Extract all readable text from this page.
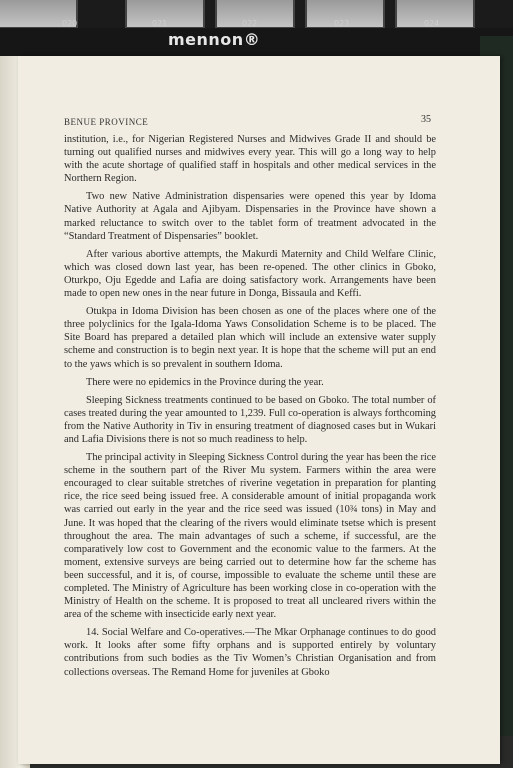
020	021	022	023	024
mennon®
BENUE PROVINCE	35

institution, i.e., for Nigerian Registered Nurses and Midwives Grade II and should be turning out qualified nurses and midwives every year. This will go a long way to help with the acute shortage of qualified staff in hospitals and other medical services in the Northern Region.

Two new Native Administration dispensaries were opened this year by Idoma Native Authority at Agala and Ajibyam. Dispensaries in the Province have shown a marked reluctance to switch over to the tablet form of treatment advocated in the “Standard Treatment of Dispensaries” booklet.

After various abortive attempts, the Makurdi Maternity and Child Welfare Clinic, which was closed down last year, has been re-opened. The other clinics in Gboko, Oturkpo, Oju Egedde and Lafia are doing satisfactory work. Arrangements have been made to open new ones in the near future in Donga, Bissaula and Keffi.

Otukpa in Idoma Division has been chosen as one of the places where one of the three polyclinics for the Igala-Idoma Yaws Consolidation Scheme is to be placed. The Site Board has prepared a detailed plan which will include an extensive water supply scheme and construction is to begin next year. It is hope that the scheme will put an end to the yaws which is so prevalent in southern Idoma.

There were no epidemics in the Province during the year.

Sleeping Sickness treatments continued to be based on Gboko. The total number of cases treated during the year amounted to 1,239. Full co-operation is always forthcoming from the Native Authority in Tiv in ensuring treatment of diagnosed cases but in Wukari and Lafia Divisions there is not so much readiness to help.

The principal activity in Sleeping Sickness Control during the year has been the rice scheme in the southern part of the River Mu system. Farmers within the area were encouraged to clear suitable stretches of riverine vegetation in preparation for planting rice, the rice seed being issued free. A considerable amount of initial propaganda work was carried out early in the year and the rice seed was issued (10¾ tons) in May and June. It was hoped that the clearing of the rivers would eliminate tsetse which is present throughout the area. The main advantages of such a scheme, if successful, are the comparatively low cost to Government and the economic value to the farmers. At the moment, extensive surveys are being carried out to determine how far the scheme has been successful, and it is, of course, impossible to evaluate the scheme until these are completed. The Ministry of Agriculture has been working close in co-operation with the Ministry of Health on the scheme. It is proposed to treat all uncleared rivers within the area of the scheme with insecticide early next year.

14. Social Welfare and Co-operatives.—The Mkar Orphanage continues to do good work. It looks after some fifty orphans and is supported entirely by voluntary contributions from such bodies as the Tiv Women’s Christian Organisation and from collections overseas. The Remand Home for juveniles at Gboko
